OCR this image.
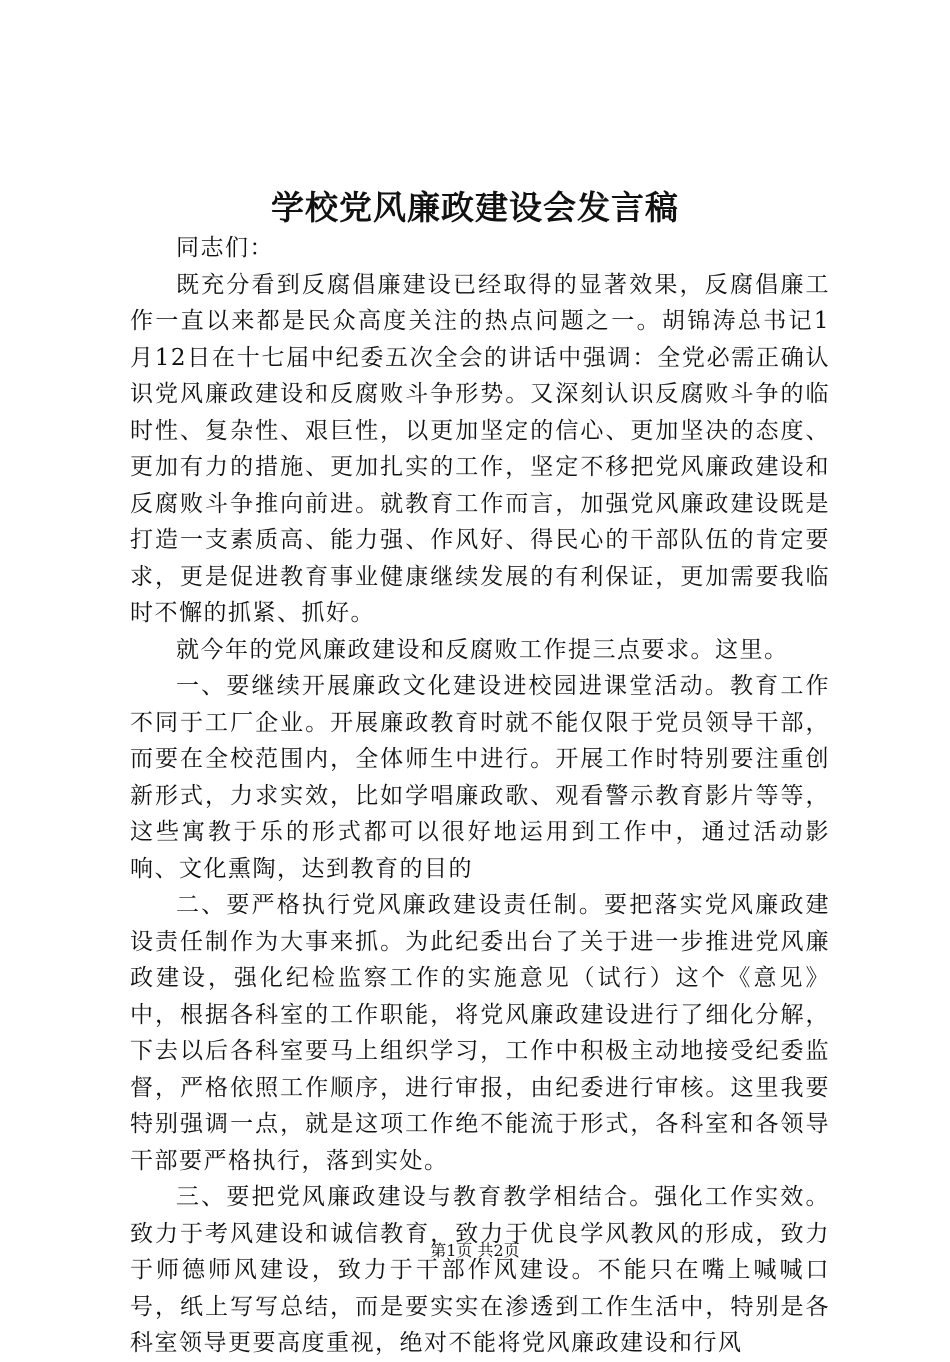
学校党风廉政建设会发言稿

同志们：

既充分看到反腐倡廉建设已经取得的显著效果，反腐倡廉工作一直以来都是民众高度关注的热点问题之一。胡锦涛总书记1月12日在十七届中纪委五次全会的讲话中强调：全党必需正确认识党风廉政建设和反腐败斗争形势。又深刻认识反腐败斗争的临时性、复杂性、艰巨性，以更加坚定的信心、更加坚决的态度、更加有力的措施、更加扎实的工作，坚定不移把党风廉政建设和反腐败斗争推向前进。就教育工作而言，加强党风廉政建设既是打造一支素质高、能力强、作风好、得民心的干部队伍的肯定要求，更是促进教育事业健康继续发展的有利保证，更加需要我临时不懈的抓紧、抓好。

就今年的党风廉政建设和反腐败工作提三点要求。这里。

一、要继续开展廉政文化建设进校园进课堂活动。教育工作不同于工厂企业。开展廉政教育时就不能仅限于党员领导干部，而要在全校范围内，全体师生中进行。开展工作时特别要注重创新形式，力求实效，比如学唱廉政歌、观看警示教育影片等等，这些寓教于乐的形式都可以很好地运用到工作中，通过活动影响、文化熏陶，达到教育的目的

二、要严格执行党风廉政建设责任制。要把落实党风廉政建设责任制作为大事来抓。为此纪委出台了关于进一步推进党风廉政建设，强化纪检监察工作的实施意见（试行）这个《意见》中，根据各科室的工作职能，将党风廉政建设进行了细化分解，下去以后各科室要马上组织学习，工作中积极主动地接受纪委监督，严格依照工作顺序，进行审报，由纪委进行审核。这里我要特别强调一点，就是这项工作绝不能流于形式，各科室和各领导干部要严格执行，落到实处。

三、要把党风廉政建设与教育教学相结合。强化工作实效。致力于考风建设和诚信教育，致力于优良学风教风的形成，致力于师德师风建设，致力于干部作风建设。不能只在嘴上喊喊口号，纸上写写总结，而是要实实在渗透到工作生活中，特别是各科室领导更要高度重视，绝对不能将党风廉政建设和行风

第1页 共2页
